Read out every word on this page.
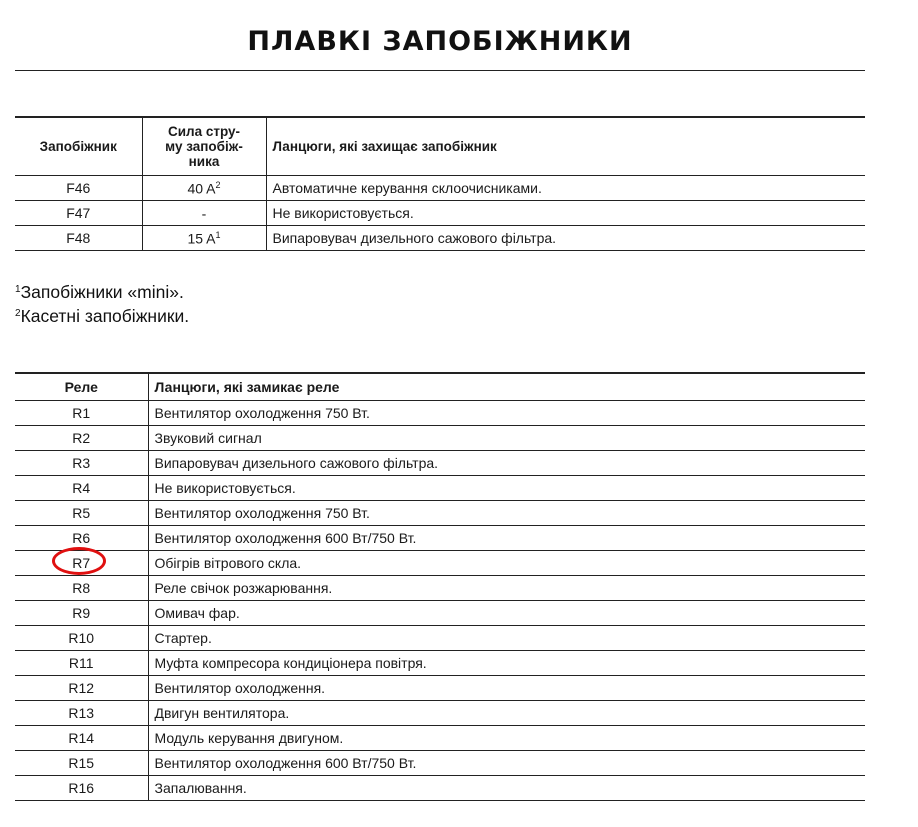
ПЛАВКІ ЗАПОБІЖНИКИ
Запобіжник	Сила стру-
му запобіж-
ника	Ланцюги, які захищає запобіжник
F46	40 $A^2$	Автоматичне керування склоочисниками.
F47	-	Не використовується.
F48	15 $A^1$	Випаровувач дизельного сажового фільтра.
$^1$Запобіжники «mini».
$^2$Касетні запобіжники.
Реле	Ланцюги, які замикає реле
R1	Вентилятор охолодження 750 Вт.
R2	Звуковий сигнал
R3	Випаровувач дизельного сажового фільтра.
R4	Не використовується.
R5	Вентилятор охолодження 750 Вт.
R6	Вентилятор охолодження 600 Вт/750 Вт.
R7	Обігрів вітрового скла.
R8	Реле свічок розжарювання.
R9	Омивач фар.
R10	Стартер.
R11	Муфта компресора кондиціонера повітря.
R12	Вентилятор охолодження.
R13	Двигун вентилятора.
R14	Модуль керування двигуном.
R15	Вентилятор охолодження 600 Вт/750 Вт.
R16	Запалювання.
